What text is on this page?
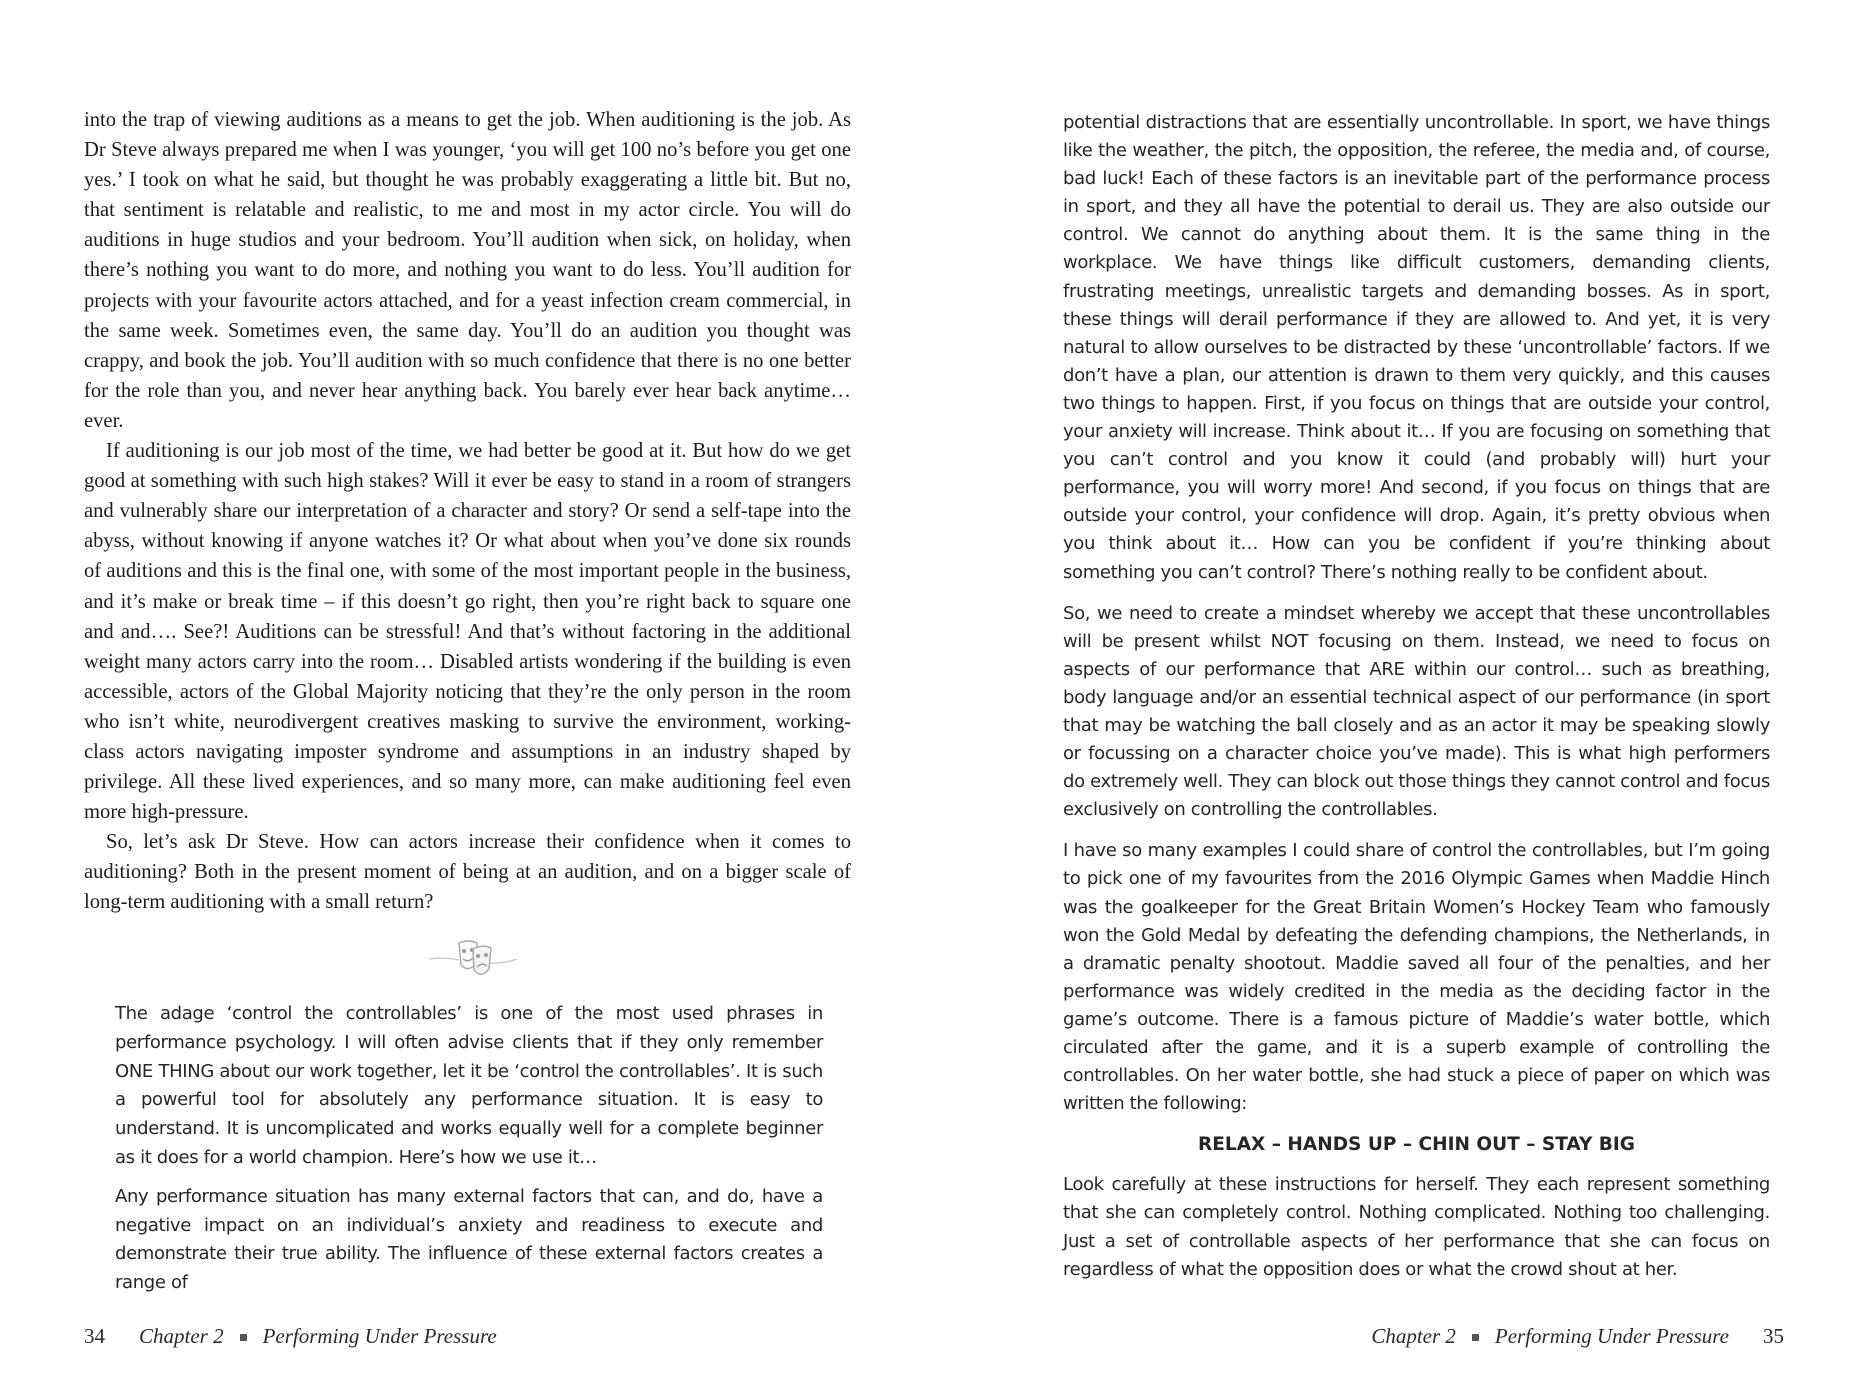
into the trap of viewing auditions as a means to get the job. When auditioning is the job. As Dr Steve always prepared me when I was younger, ‘you will get 100 no’s before you get one yes.’ I took on what he said, but thought he was probably exaggerating a little bit. But no, that sentiment is relatable and realistic, to me and most in my actor circle. You will do auditions in huge studios and your bedroom. You’ll audition when sick, on holiday, when there’s nothing you want to do more, and nothing you want to do less. You’ll audition for projects with your favourite actors attached, and for a yeast infection cream commercial, in the same week. Sometimes even, the same day. You’ll do an audition you thought was crappy, and book the job. You’ll audition with so much confidence that there is no one better for the role than you, and never hear anything back. You barely ever hear back anytime… ever.

If auditioning is our job most of the time, we had better be good at it. But how do we get good at something with such high stakes? Will it ever be easy to stand in a room of strangers and vulnerably share our interpretation of a character and story? Or send a self-tape into the abyss, without knowing if anyone watches it? Or what about when you’ve done six rounds of auditions and this is the final one, with some of the most important people in the business, and it’s make or break time – if this doesn’t go right, then you’re right back to square one and and…. See?! Auditions can be stressful! And that’s without factoring in the additional weight many actors carry into the room… Disabled artists wondering if the building is even accessible, actors of the Global Majority noticing that they’re the only person in the room who isn’t white, neurodivergent creatives masking to survive the environment, working-class actors navigating imposter syndrome and assumptions in an industry shaped by privilege. All these lived experiences, and so many more, can make auditioning feel even more high-pressure.

So, let’s ask Dr Steve. How can actors increase their confidence when it comes to auditioning? Both in the present moment of being at an audition, and on a bigger scale of long-term auditioning with a small return?

The adage ‘control the controllables’ is one of the most used phrases in performance psychology. I will often advise clients that if they only remember ONE THING about our work together, let it be ‘control the controllables’. It is such a powerful tool for absolutely any performance situation. It is easy to understand. It is uncomplicated and works equally well for a complete beginner as it does for a world champion. Here’s how we use it…

Any performance situation has many external factors that can, and do, have a negative impact on an individual’s anxiety and readiness to execute and demonstrate their true ability. The influence of these external factors creates a range of

34 Chapter 2 Performing Under Pressure

potential distractions that are essentially uncontrollable. In sport, we have things like the weather, the pitch, the opposition, the referee, the media and, of course, bad luck! Each of these factors is an inevitable part of the performance process in sport, and they all have the potential to derail us. They are also outside our control. We cannot do anything about them. It is the same thing in the workplace. We have things like difficult customers, demanding clients, frustrating meetings, unrealistic targets and demanding bosses. As in sport, these things will derail performance if they are allowed to. And yet, it is very natural to allow ourselves to be distracted by these ‘uncontrollable’ factors. If we don’t have a plan, our attention is drawn to them very quickly, and this causes two things to happen. First, if you focus on things that are outside your control, your anxiety will increase. Think about it… If you are focusing on something that you can’t control and you know it could (and probably will) hurt your performance, you will worry more! And second, if you focus on things that are outside your control, your confidence will drop. Again, it’s pretty obvious when you think about it… How can you be confident if you’re thinking about something you can’t control? There’s nothing really to be confident about.

So, we need to create a mindset whereby we accept that these uncontrollables will be present whilst NOT focusing on them. Instead, we need to focus on aspects of our performance that ARE within our control… such as breathing, body language and/or an essential technical aspect of our performance (in sport that may be watching the ball closely and as an actor it may be speaking slowly or focussing on a character choice you’ve made). This is what high performers do extremely well. They can block out those things they cannot control and focus exclusively on controlling the controllables.

I have so many examples I could share of control the controllables, but I’m going to pick one of my favourites from the 2016 Olympic Games when Maddie Hinch was the goalkeeper for the Great Britain Women’s Hockey Team who famously won the Gold Medal by defeating the defending champions, the Netherlands, in a dramatic penalty shootout. Maddie saved all four of the penalties, and her performance was widely credited in the media as the deciding factor in the game’s outcome. There is a famous picture of Maddie’s water bottle, which circulated after the game, and it is a superb example of controlling the controllables. On her water bottle, she had stuck a piece of paper on which was written the following:

RELAX – HANDS UP – CHIN OUT – STAY BIG

Look carefully at these instructions for herself. They each represent something that she can completely control. Nothing complicated. Nothing too challenging. Just a set of controllable aspects of her performance that she can focus on regardless of what the opposition does or what the crowd shout at her.

Chapter 2 Performing Under Pressure 35
